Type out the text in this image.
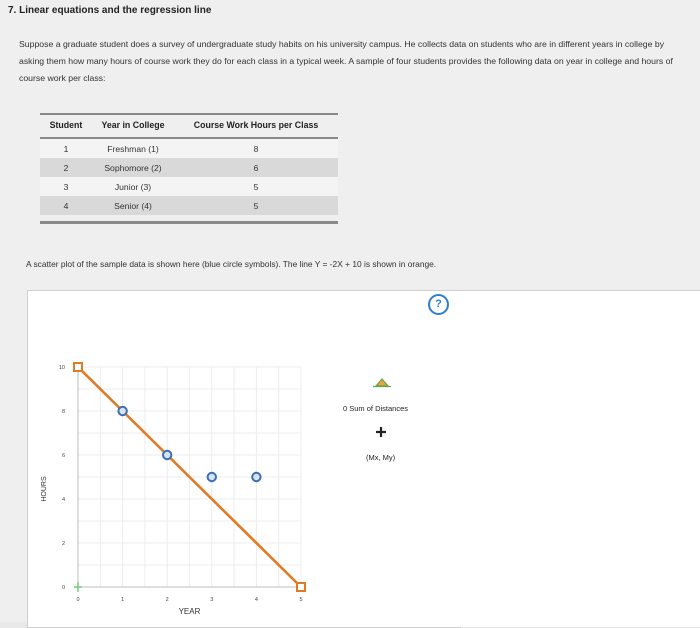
7. Linear equations and the regression line
Suppose a graduate student does a survey of undergraduate study habits on his university campus. He collects data on students who are in different years in college by asking them how many hours of course work they do for each class in a typical week. A sample of four students provides the following data on year in college and hours of course work per class:
Student	Year in College	Course Work Hours per Class
1	Freshman (1)	8
2	Sophomore (2)	6
3	Junior (3)	5
4	Senior (4)	5
A scatter plot of the sample data is shown here (blue circle symbols). The line Y = -2X + 10 is shown in orange.
?
0	1	2	3	4	5
0
2
4
6
8
10
YEAR
HOURS
0 Sum of Distances
(Mx, My)
